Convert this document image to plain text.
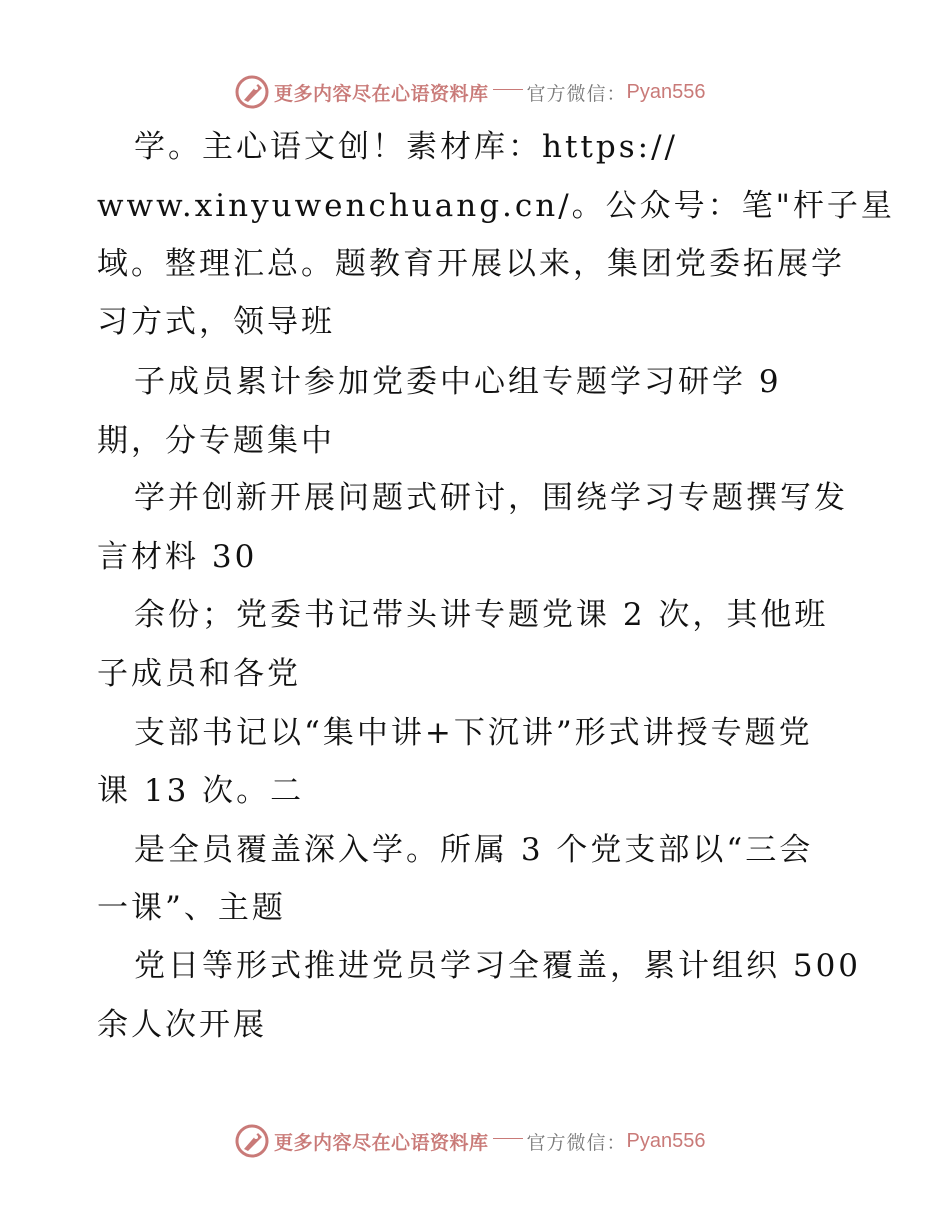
更多内容尽在心语资料库 官方微信： Pyan556
学。主心语文创！素材库：https://
www.xinyuwenchuang.cn/。公众号：笔"杆子星
域。整理汇总。题教育开展以来，集团党委拓展学
习方式，领导班
子成员累计参加党委中心组专题学习研学 9
期，分专题集中
学并创新开展问题式研讨，围绕学习专题撰写发
言材料 30
余份；党委书记带头讲专题党课 2 次，其他班
子成员和各党
支部书记以“集中讲+下沉讲”形式讲授专题党
课 13 次。二
是全员覆盖深入学。所属 3 个党支部以“三会
一课”、主题
党日等形式推进党员学习全覆盖，累计组织 500
余人次开展
更多内容尽在心语资料库 官方微信： Pyan556
